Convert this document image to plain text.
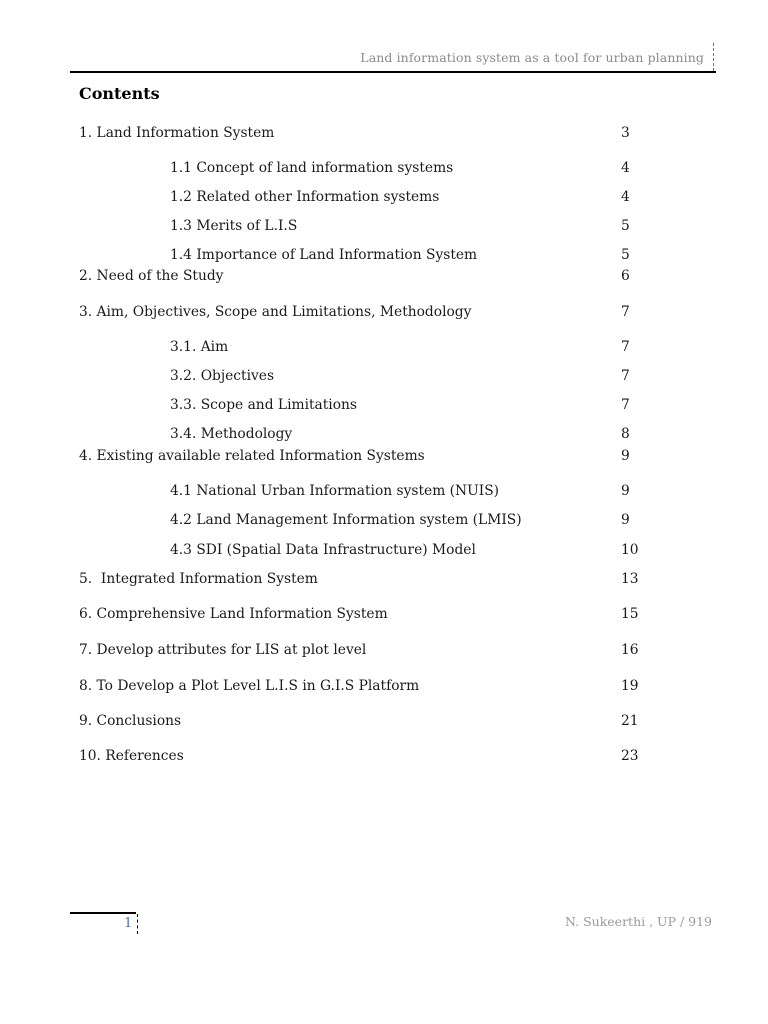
Land information system as a tool for urban planning
Contents
1. Land Information System	3
1.1 Concept of land information systems	4
1.2 Related other Information systems	4
1.3 Merits of L.I.S	5
1.4 Importance of Land Information System	5
2. Need of the Study	6
3. Aim, Objectives, Scope and Limitations, Methodology	7
3.1. Aim	7
3.2. Objectives	7
3.3. Scope and Limitations	7
3.4. Methodology	8
4. Existing available related Information Systems	9
4.1 National Urban Information system (NUIS)	9
4.2 Land Management Information system (LMIS)	9
4.3 SDI (Spatial Data Infrastructure) Model	10
5.  Integrated Information System	13
6. Comprehensive Land Information System	15
7. Develop attributes for LIS at plot level	16
8. To Develop a Plot Level L.I.S in G.I.S Platform	19
9. Conclusions	21
10. References	23
1	N. Sukeerthi , UP / 919
